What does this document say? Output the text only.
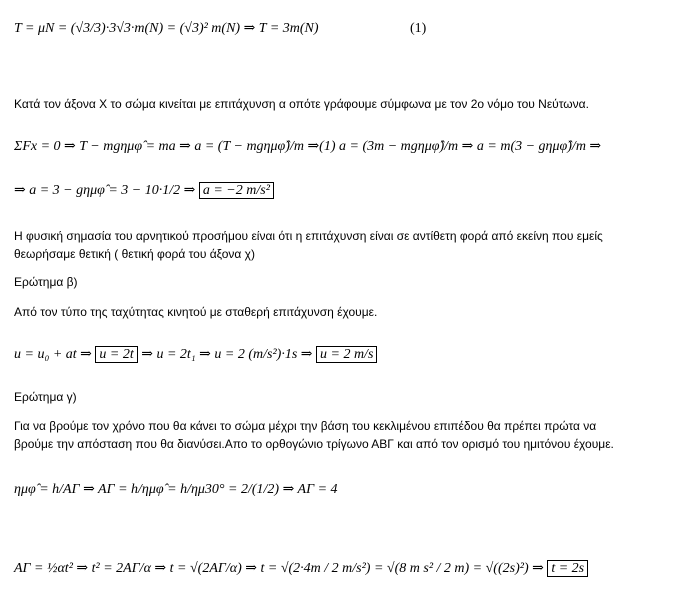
T = μN = (√3/3)·3√3·m(N) = (√3)² m(N) ⇒ T = 3m(N)	(1)
Κατά τον άξονα Χ το σώμα κινείται με επιτάχυνση α οπότε γράφουμε σύμφωνα με τον 2ο νόμο του Νεύτωνα.
ΣFx = 0 ⇒ T − mgημφ̂ = ma ⇒ a = (T − mgημφ̂)/m ⇒(1) a = (3m − mgημφ̂)/m ⇒ a = m(3 − gημφ̂)/m ⇒
⇒ a = 3 − gημφ̂ = 3 − 10·1/2 ⇒ a = −2 m/s²
Η φυσική σημασία του αρνητικού προσήμου είναι ότι η επιτάχυνση είναι σε αντίθετη φορά από εκείνη που εμείς
θεωρήσαμε θετική ( θετική φορά του άξονα χ)
Ερώτημα β)
Από τον τύπο της ταχύτητας κινητού με σταθερή επιτάχυνση έχουμε.
u = u₀ + at ⇒ u = 2t ⇒ u = 2t₁ ⇒ u = 2 (m/s²)·1s ⇒ u = 2 m/s
Ερώτημα γ)
Για να βρούμε τον χρόνο που θα κάνει το σώμα μέχρι την βάση του κεκλιμένου επιπέδου θα πρέπει πρώτα να
βρούμε την απόσταση που θα διανύσει.Απο το ορθογώνιο τρίγωνο ΑΒΓ και από τον ορισμό του ημιτόνου έχουμε.
ημφ̂ = h/ΑΓ ⇒ ΑΓ = h/ημφ̂ = h/ημ30° = 2/(1/2) ⇒ ΑΓ = 4
ΑΓ = ½αt² ⇒ t² = 2ΑΓ/α ⇒ t = √(2ΑΓ/α) ⇒ t = √(2·4m / 2 m/s²) = √(8 m s² / 2 m) = √((2s)²) ⇒ t = 2s
